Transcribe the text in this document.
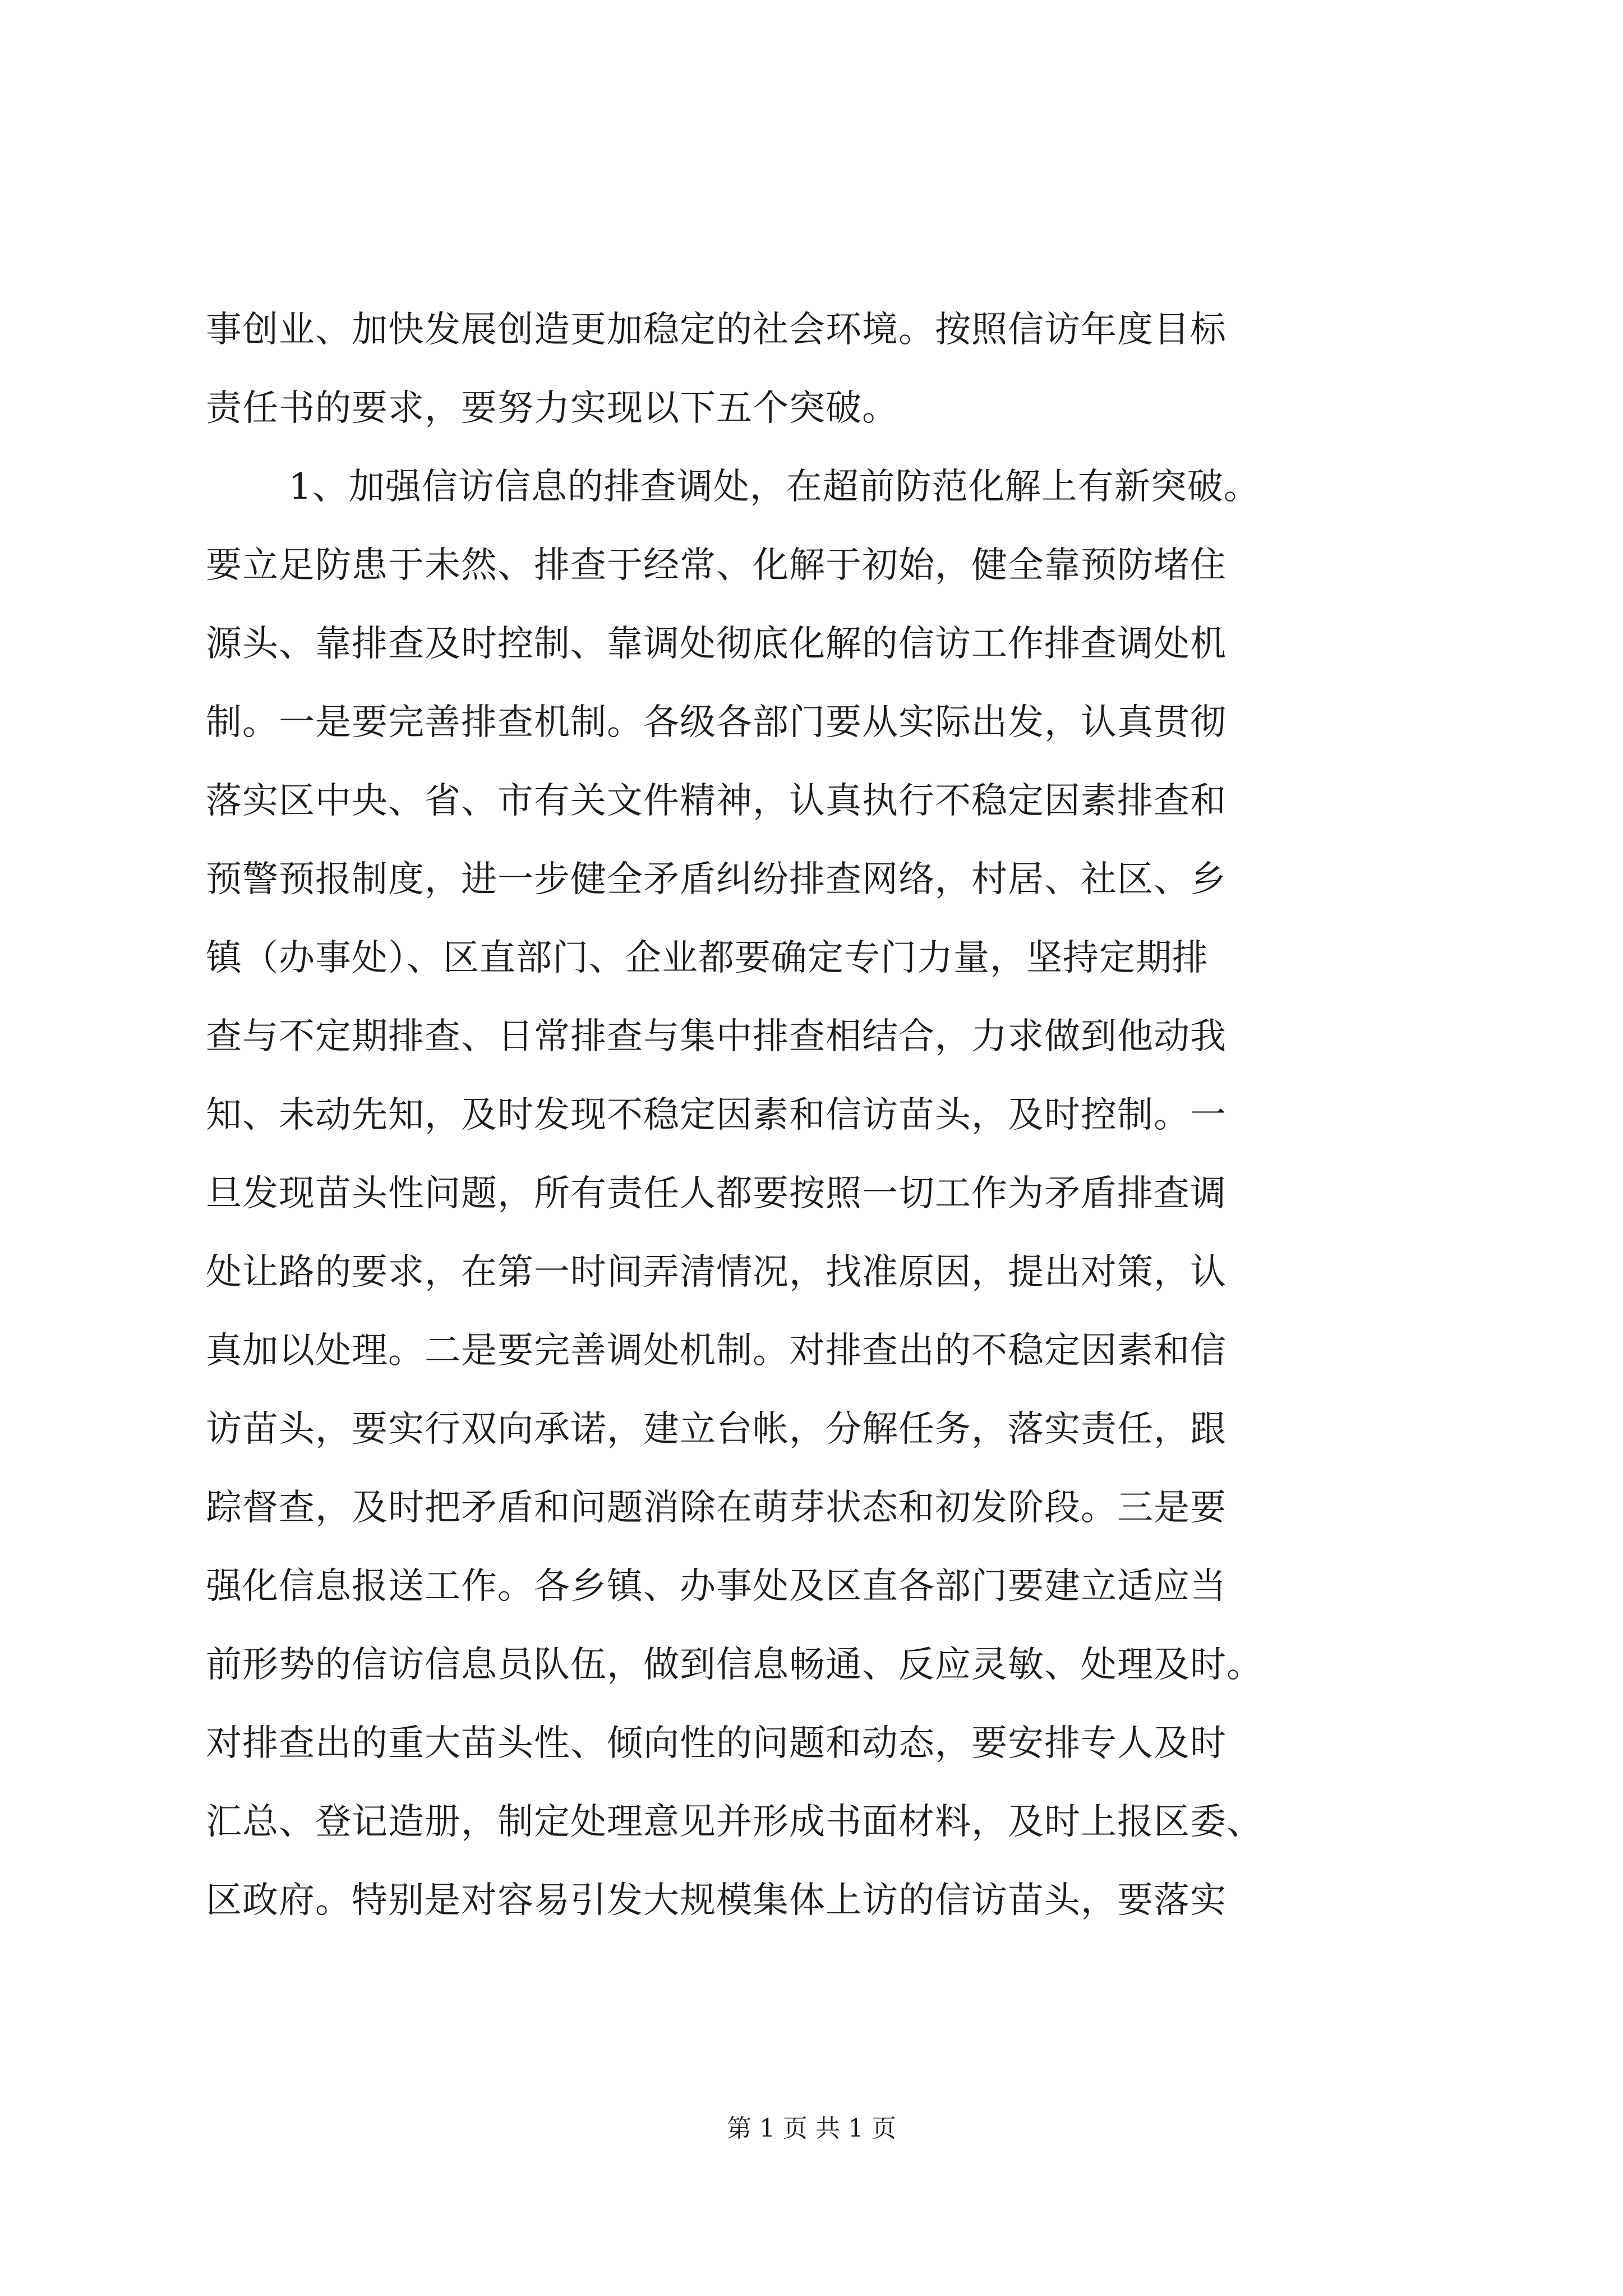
事创业、加快发展创造更加稳定的社会环境。按照信访年度目标
责任书的要求，要努力实现以下五个突破。
1、加强信访信息的排查调处，在超前防范化解上有新突破。
要立足防患于未然、排查于经常、化解于初始，健全靠预防堵住
源头、靠排查及时控制、靠调处彻底化解的信访工作排查调处机
制。一是要完善排查机制。各级各部门要从实际出发，认真贯彻
落实区中央、省、市有关文件精神，认真执行不稳定因素排查和
预警预报制度，进一步健全矛盾纠纷排查网络，村居、社区、乡
镇（办事处）、区直部门、企业都要确定专门力量，坚持定期排
查与不定期排查、日常排查与集中排查相结合，力求做到他动我
知、未动先知，及时发现不稳定因素和信访苗头，及时控制。一
旦发现苗头性问题，所有责任人都要按照一切工作为矛盾排查调
处让路的要求，在第一时间弄清情况，找准原因，提出对策，认
真加以处理。二是要完善调处机制。对排查出的不稳定因素和信
访苗头，要实行双向承诺，建立台帐，分解任务，落实责任，跟
踪督查，及时把矛盾和问题消除在萌芽状态和初发阶段。三是要
强化信息报送工作。各乡镇、办事处及区直各部门要建立适应当
前形势的信访信息员队伍，做到信息畅通、反应灵敏、处理及时。
对排查出的重大苗头性、倾向性的问题和动态，要安排专人及时
汇总、登记造册，制定处理意见并形成书面材料，及时上报区委、
区政府。特别是对容易引发大规模集体上访的信访苗头，要落实
第 1 页 共 1 页
